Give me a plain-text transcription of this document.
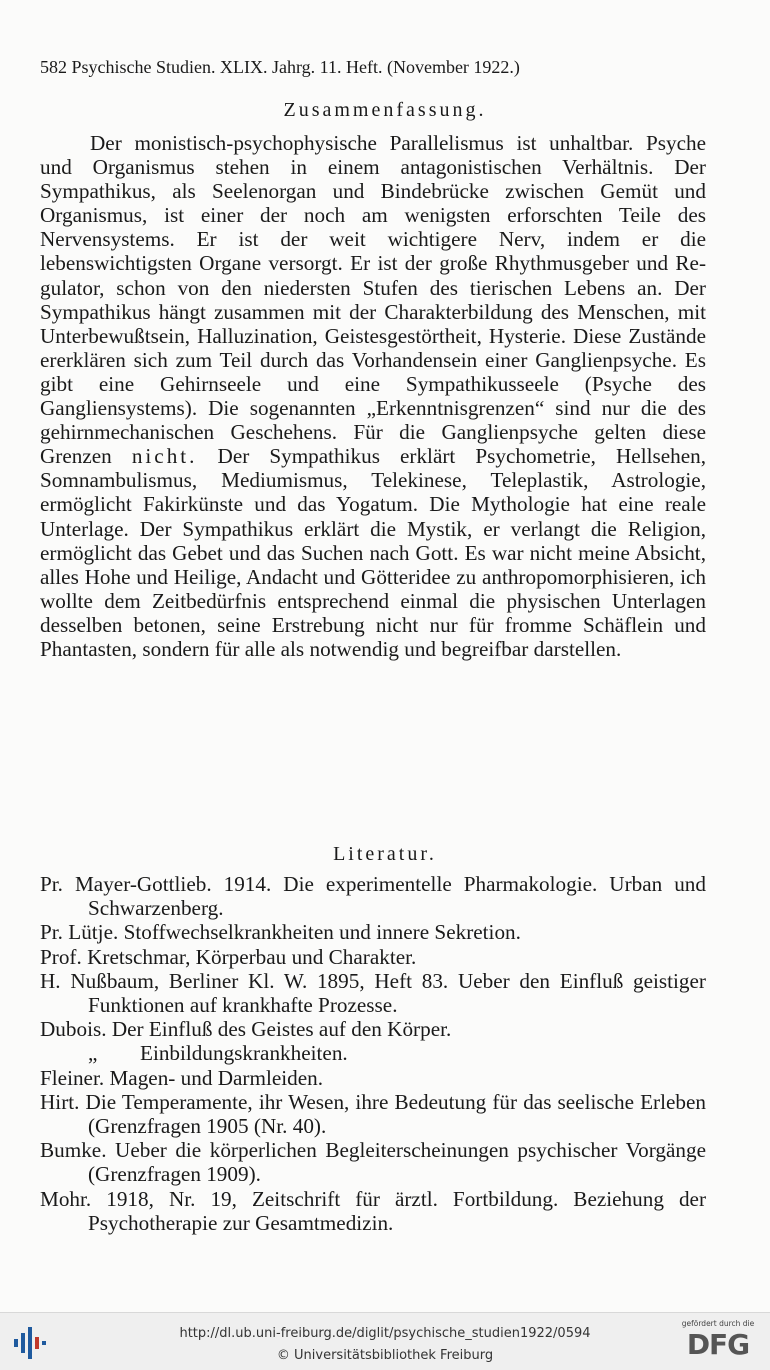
582 Psychische Studien. XLIX. Jahrg. 11. Heft. (November 1922.)
Zusammenfassung.
Der monistisch-psychophysische Parallelismus ist unhaltbar. Psyche und Organismus stehen in einem antagonistischen Verhältnis. Der Sympathikus, als Seelenorgan und Bindebrücke zwischen Gemüt und Organismus, ist einer der noch am wenigsten erforschten Teile des Nervensystems. Er ist der weit wichtigere Nerv, indem er die lebenswichtigsten Organe versorgt. Er ist der große Rhythmusgeber und Regulator, schon von den niedersten Stufen des tierischen Lebens an. Der Sympathikus hängt zusammen mit der Charakterbildung des Menschen, mit Unterbewußtsein, Halluzination, Geistesgestörtheit, Hysterie. Diese Zustände ererklären sich zum Teil durch das Vorhandensein einer Ganglienpsyche. Es gibt eine Gehirnseele und eine Sympathikusseele (Psyche des Gangliensystems). Die sogenannten „Erkenntnisgrenzen“ sind nur die des gehirnmechanischen Geschehens. Für die Ganglienpsyche gelten diese Grenzen nicht. Der Sympathikus erklärt Psychometrie, Hellsehen, Somnambulismus, Mediumismus, Telekinese, Teleplastik, Astrologie, ermöglicht Fakirkünste und das Yogatum. Die Mythologie hat eine reale Unterlage. Der Sympathikus erklärt die Mystik, er verlangt die Religion, ermöglicht das Gebet und das Suchen nach Gott. Es war nicht meine Absicht, alles Hohe und Heilige, Andacht und Götteridee zu anthropomorphisieren, ich wollte dem Zeitbedürfnis entsprechend einmal die physischen Unterlagen desselben betonen, seine Erstrebung nicht nur für fromme Schäflein und Phantasten, sondern für alle als notwendig und begreifbar darstellen.
Literatur.
Pr. Mayer-Gottlieb. 1914. Die experimentelle Pharmakologie. Urban und Schwarzenberg.
Pr. Lütje. Stoffwechselkrankheiten und innere Sekretion.
Prof. Kretschmar, Körperbau und Charakter.
H. Nußbaum, Berliner Kl. W. 1895, Heft 83. Ueber den Einfluß geistiger Funktionen auf krankhafte Prozesse.
Dubois. Der Einfluß des Geistes auf den Körper.
„ Einbildungskrankheiten.
Fleiner. Magen- und Darmleiden.
Hirt. Die Temperamente, ihr Wesen, ihre Bedeutung für das seelische Erleben (Grenzfragen 1905 (Nr. 40).
Bumke. Ueber die körperlichen Begleiterscheinungen psychischer Vorgänge (Grenzfragen 1909).
Mohr. 1918, Nr. 19, Zeitschrift für ärztl. Fortbildung. Beziehung der Psychotherapie zur Gesamtmedizin.
http://dl.ub.uni-freiburg.de/diglit/psychische_studien1922/0594
© Universitätsbibliothek Freiburg
gefördert durch die
DFG
